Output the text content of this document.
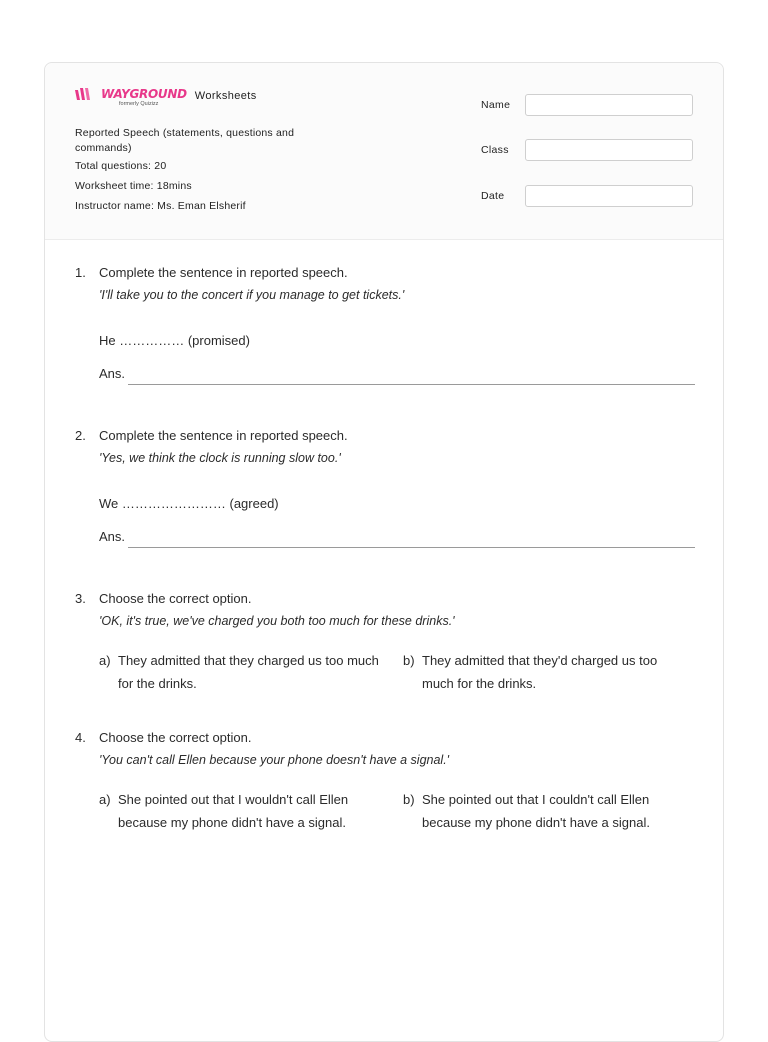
WAYGROUND
formerly Quizizz
Worksheets
Reported Speech (statements, questions and commands)
Total questions: 20
Worksheet time: 18mins
Instructor name: Ms. Eman Elsherif
Name
Class
Date
1. Complete the sentence in reported speech.
'I'll take you to the concert if you manage to get tickets.'
He …………… (promised)
Ans.
2. Complete the sentence in reported speech.
'Yes, we think the clock is running slow too.'
We …………………… (agreed)
Ans.
3. Choose the correct option.
'OK, it's true, we've charged you both too much for these drinks.'
a) They admitted that they charged us too much for the drinks.
b) They admitted that they'd charged us too much for the drinks.
4. Choose the correct option.
'You can't call Ellen because your phone doesn't have a signal.'
a) She pointed out that I wouldn't call Ellen because my phone didn't have a signal.
b) She pointed out that I couldn't call Ellen because my phone didn't have a signal.
